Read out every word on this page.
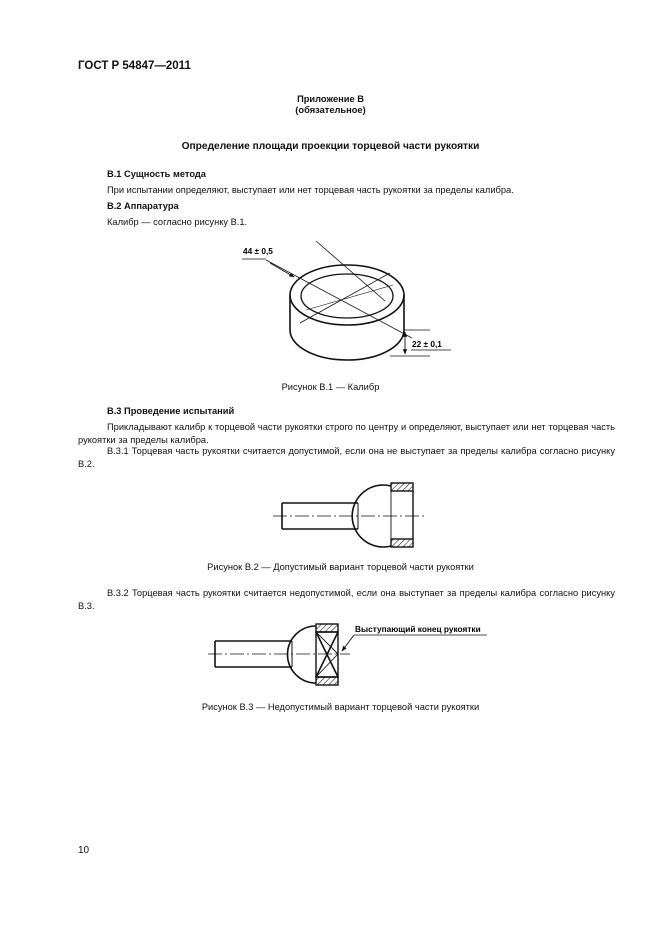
ГОСТ Р 54847—2011
Приложение В
(обязательное)
Определение площади проекции торцевой части рукоятки
В.1 Сущность метода
При испытании определяют, выступает или нет торцевая часть рукоятки за пределы калибра.
В.2 Аппаратура
Калибр — согласно рисунку В.1.
44 ± 0,5
22 ± 0,1
Рисунок В.1 — Калибр
В.3 Проведение испытаний
Прикладывают калибр к торцевой части рукоятки строго по центру и определяют, выступает или нет торцевая часть рукоятки за пределы калибра.
В.3.1 Торцевая часть рукоятки считается допустимой, если она не выступает за пределы калибра согласно рисунку В.2.
Рисунок В.2 — Допустимый вариант торцевой части рукоятки
В.3.2 Торцевая часть рукоятки считается недопустимой, если она выступает за пределы калибра согласно рисунку В.3.
Выступающий конец рукоятки
Рисунок В.3 — Недопустимый вариант торцевой части рукоятки
10
